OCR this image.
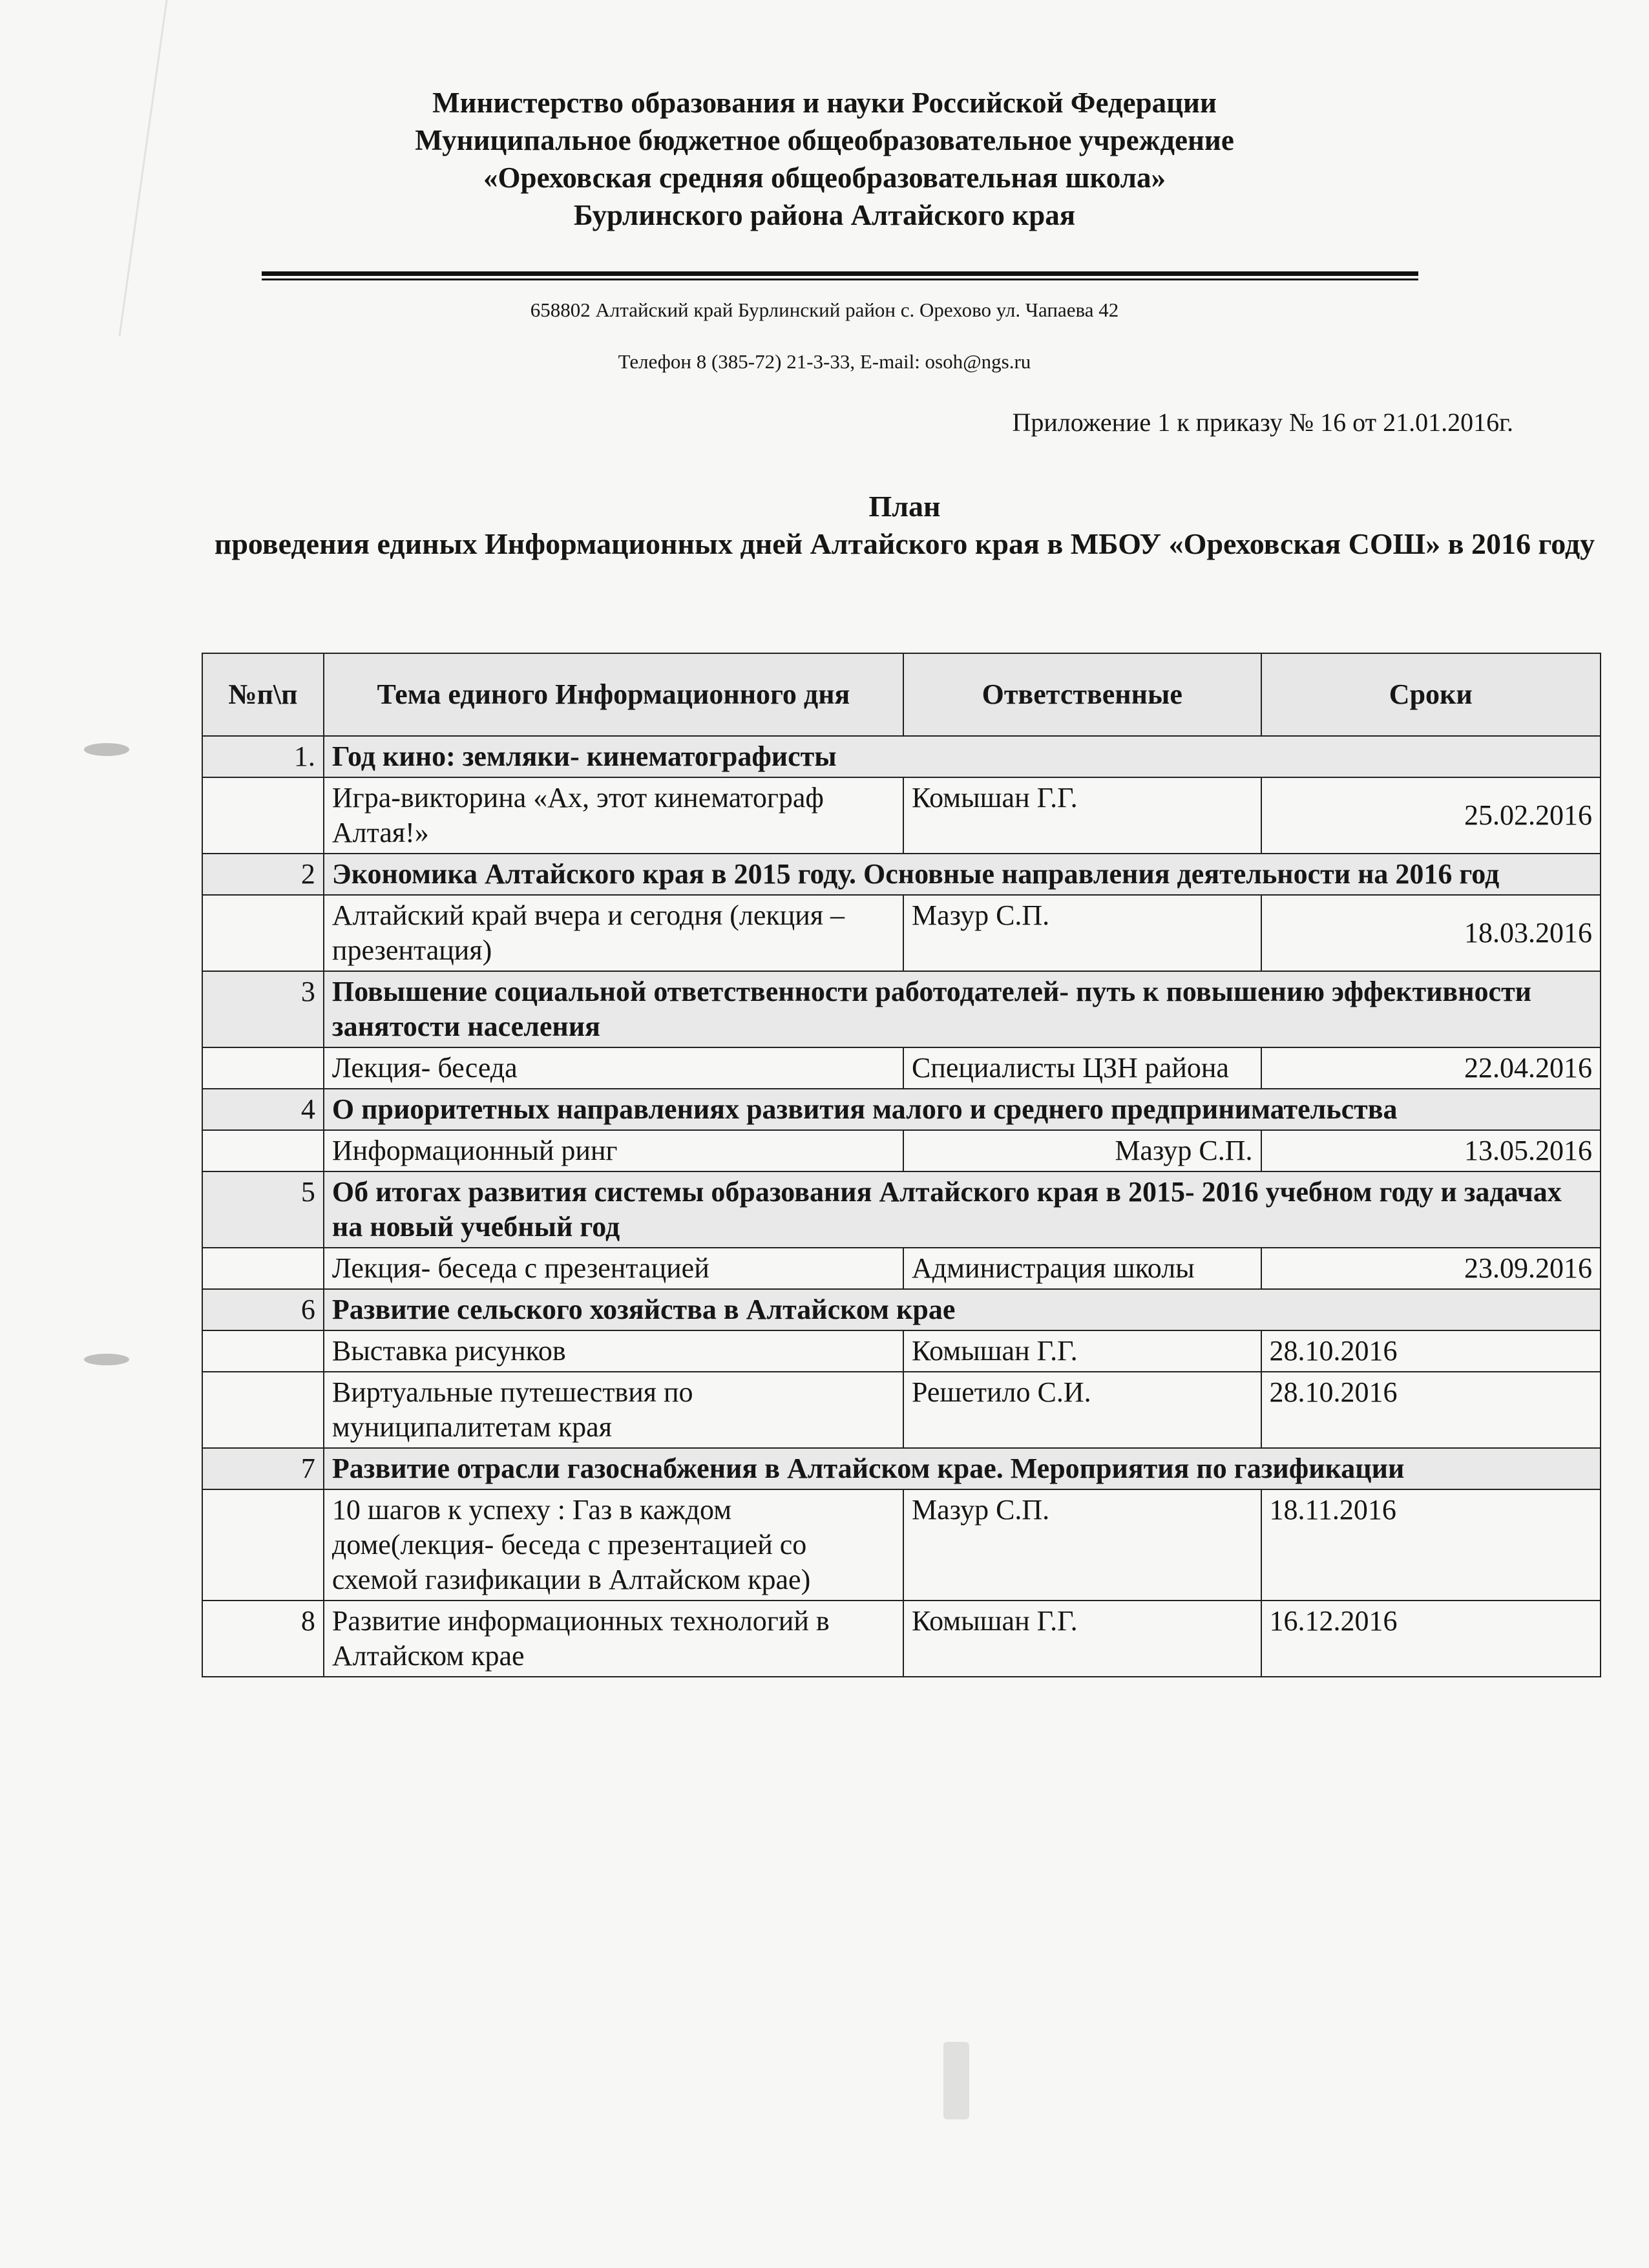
Министерство образования и науки Российской Федерации
Муниципальное бюджетное общеобразовательное учреждение
«Ореховская средняя общеобразовательная школа»
Бурлинского района Алтайского края
658802 Алтайский край Бурлинский район с. Орехово ул. Чапаева 42
Телефон 8 (385-72) 21-3-33, E-mail: osoh@ngs.ru
Приложение 1 к приказу № 16 от 21.01.2016г.
План
проведения единых Информационных дней Алтайского края в МБОУ «Ореховская СОШ» в 2016 году
№п\п	Тема единого Информационного дня	Ответственные	Сроки
1.	Год кино: земляки- кинематографисты		
	Игра-викторина «Ах, этот кинематограф Алтая!»	Комышан Г.Г.	25.02.2016
2	Экономика Алтайского края в 2015 году. Основные направления деятельности на 2016 год		
	Алтайский край вчера и сегодня (лекция – презентация)	Мазур С.П.	18.03.2016
3	Повышение социальной ответственности работодателей- путь к повышению эффективности занятости населения		
	Лекция- беседа	Специалисты ЦЗН района	22.04.2016
4	О приоритетных направлениях развития малого и среднего предпринимательства		
	Информационный ринг	Мазур С.П.	13.05.2016
5	Об итогах развития системы образования Алтайского края в 2015- 2016 учебном году и задачах на новый учебный год		
	Лекция- беседа с презентацией	Администрация школы	23.09.2016
6	Развитие сельского хозяйства в Алтайском крае		
	Выставка рисунков	Комышан Г.Г.	28.10.2016
	Виртуальные путешествия по муниципалитетам края	Решетило С.И.	28.10.2016
7	Развитие отрасли газоснабжения в Алтайском крае. Мероприятия по газификации		
	10 шагов к успеху : Газ в каждом доме(лекция- беседа с презентацией со схемой газификации в Алтайском крае)	Мазур С.П.	18.11.2016
8	Развитие информационных технологий в Алтайском крае	Комышан Г.Г.	16.12.2016
